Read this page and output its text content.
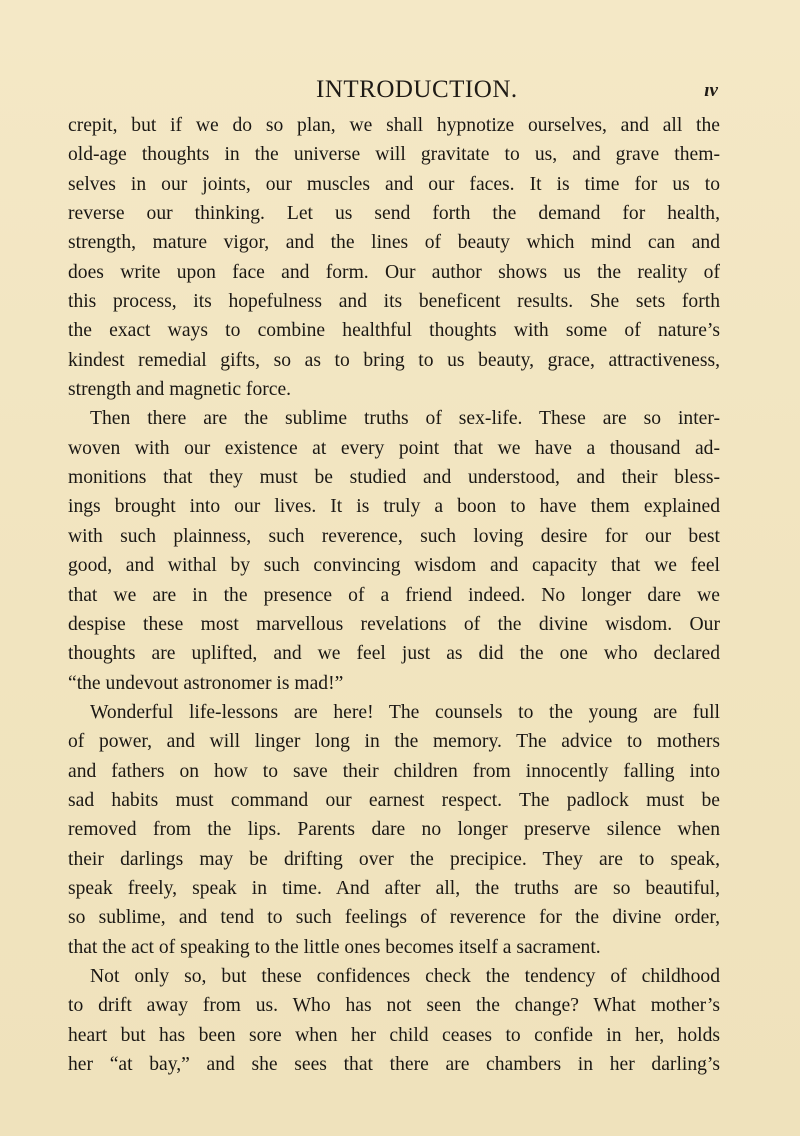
INTRODUCTION.	ıv
crepit, but if we do so plan, we shall hypnotize ourselves, and all the
old-age thoughts in the universe will gravitate to us, and grave them-
selves in our joints, our muscles and our faces. It is time for us to
reverse our thinking. Let us send forth the demand for health,
strength, mature vigor, and the lines of beauty which mind can and
does write upon face and form. Our author shows us the reality of
this process, its hopefulness and its beneficent results. She sets forth
the exact ways to combine healthful thoughts with some of nature’s
kindest remedial gifts, so as to bring to us beauty, grace, attractiveness,
strength and magnetic force.
Then there are the sublime truths of sex-life. These are so inter-
woven with our existence at every point that we have a thousand ad-
monitions that they must be studied and understood, and their bless-
ings brought into our lives. It is truly a boon to have them explained
with such plainness, such reverence, such loving desire for our best
good, and withal by such convincing wisdom and capacity that we feel
that we are in the presence of a friend indeed. No longer dare we
despise these most marvellous revelations of the divine wisdom. Our
thoughts are uplifted, and we feel just as did the one who declared
“the undevout astronomer is mad!”
Wonderful life-lessons are here! The counsels to the young are full
of power, and will linger long in the memory. The advice to mothers
and fathers on how to save their children from innocently falling into
sad habits must command our earnest respect. The padlock must be
removed from the lips. Parents dare no longer preserve silence when
their darlings may be drifting over the precipice. They are to speak,
speak freely, speak in time. And after all, the truths are so beautiful,
so sublime, and tend to such feelings of reverence for the divine order,
that the act of speaking to the little ones becomes itself a sacrament.
Not only so, but these confidences check the tendency of childhood
to drift away from us. Who has not seen the change? What mother’s
heart but has been sore when her child ceases to confide in her, holds
her “at bay,” and she sees that there are chambers in her darling’s
